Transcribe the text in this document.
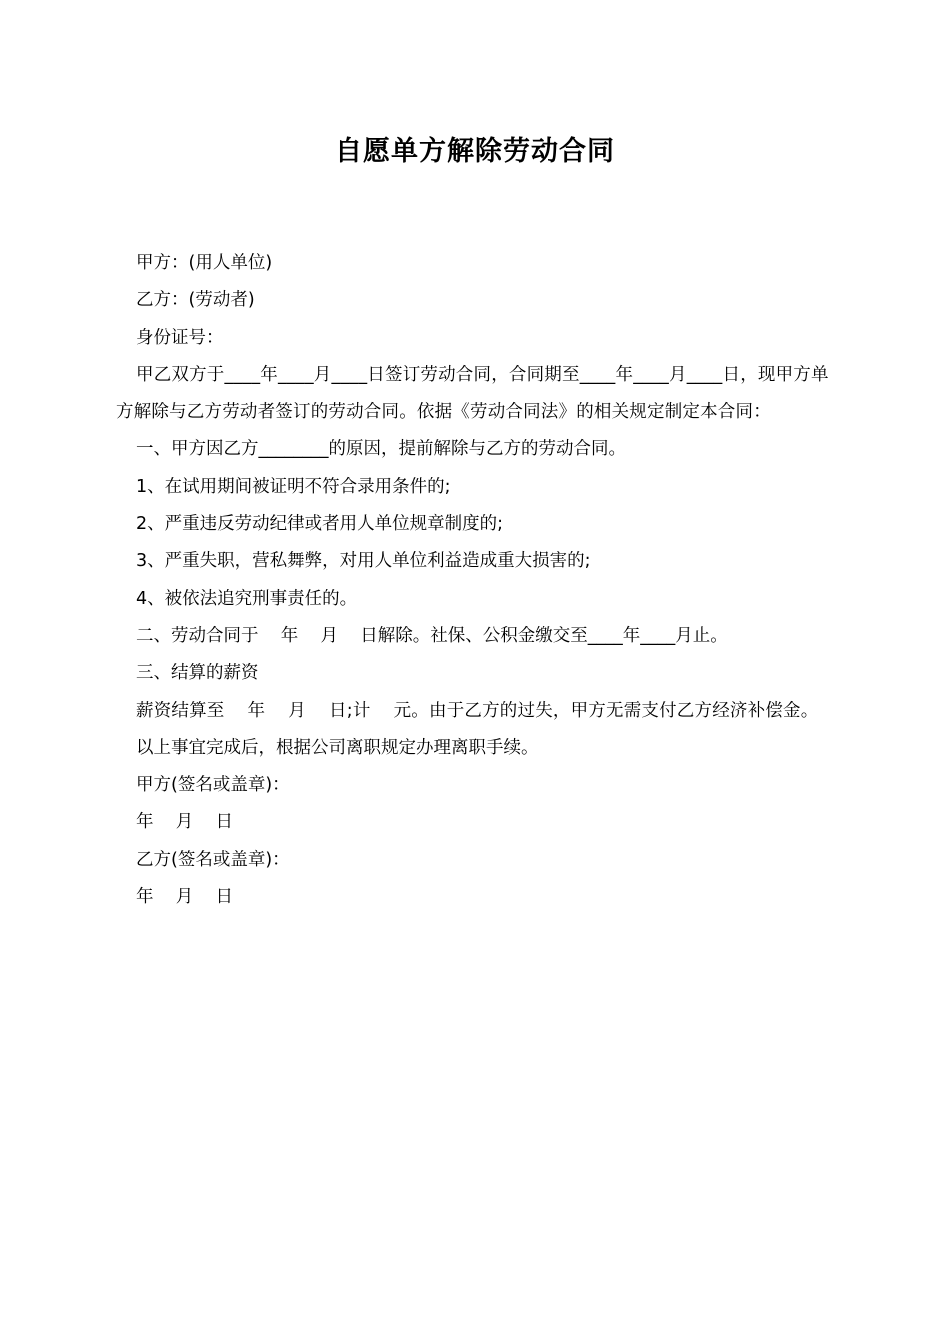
自愿单方解除劳动合同

甲方：(用人单位)

乙方：(劳动者)

身份证号：

甲乙双方于____年____月____日签订劳动合同，合同期至____年____月____日，现甲方单方解除与乙方劳动者签订的劳动合同。依据《劳动合同法》的相关规定制定本合同：

一、甲方因乙方________的原因，提前解除与乙方的劳动合同。

1、在试用期间被证明不符合录用条件的;

2、严重违反劳动纪律或者用人单位规章制度的;

3、严重失职，营私舞弊，对用人单位利益造成重大损害的;

4、被依法追究刑事责任的。

二、劳动合同于    年    月    日解除。社保、公积金缴交至____年____月止。

三、结算的薪资

薪资结算至    年    月    日;计    元。由于乙方的过失，甲方无需支付乙方经济补偿金。

以上事宜完成后，根据公司离职规定办理离职手续。

甲方(签名或盖章)：

年    月    日

乙方(签名或盖章)：

年    月    日
